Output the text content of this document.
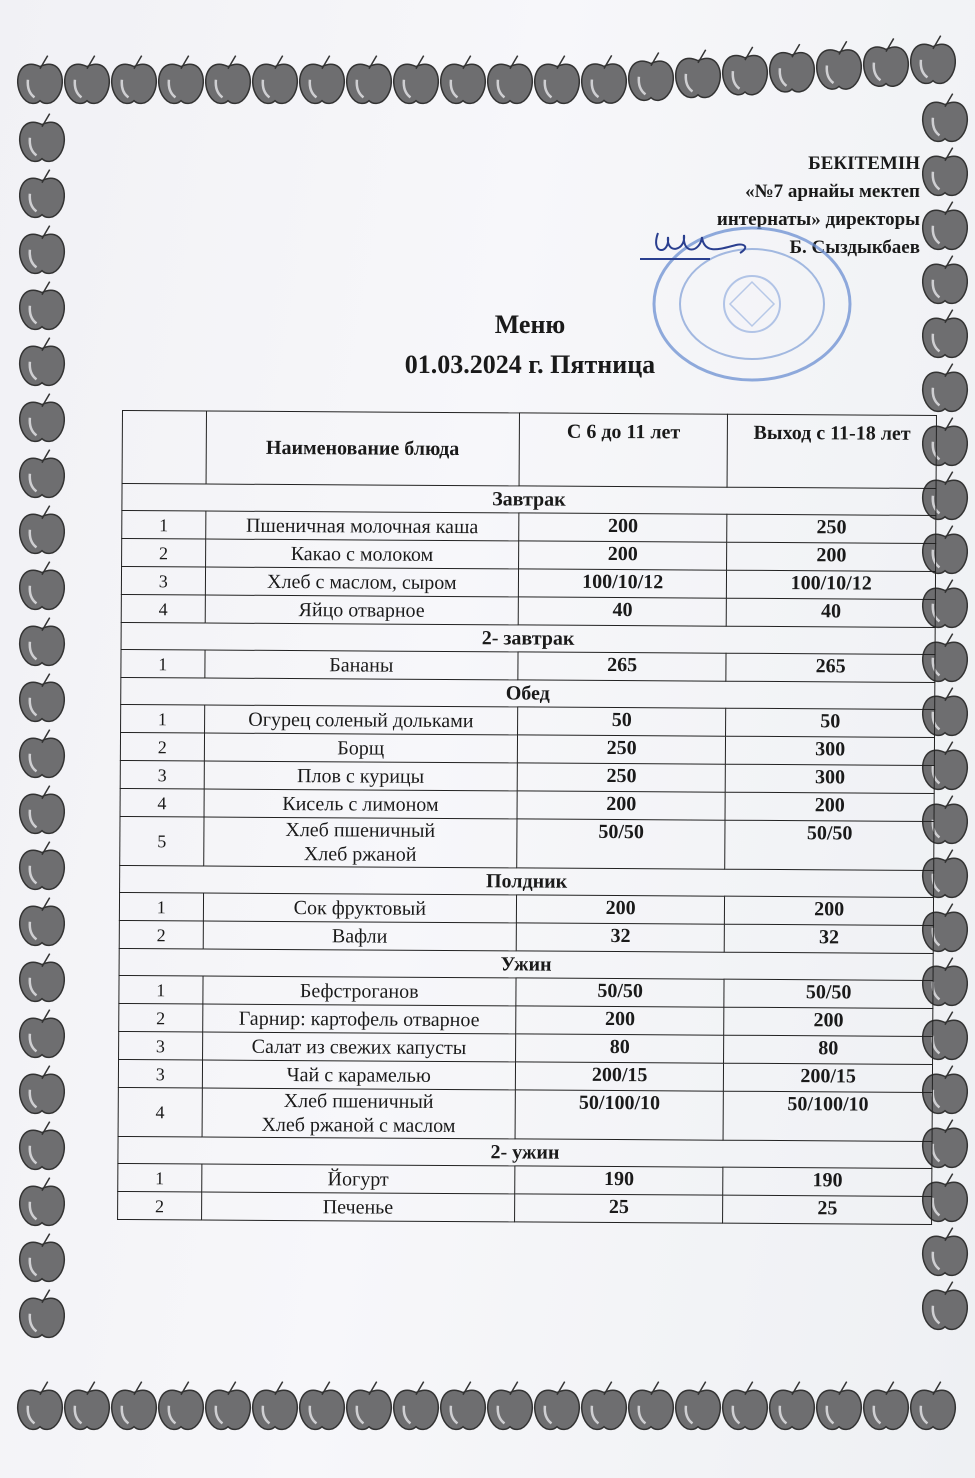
БЕКІТЕМІН
«№7 арнайы мектеп
интернаты» директоры
Б. Сыздыкбаев
Меню
01.03.2024 г. Пятница
	Наименование блюда	С 6 до 11 лет	Выход с 11-18 лет
Завтрак			
1	Пшеничная молочная каша	200	250
2	Какао с молоком	200	200
3	Хлеб с маслом, сыром	100/10/12	100/10/12
4	Яйцо отварное	40	40
2- завтрак			
1	Бананы	265	265
Обед			
1	Огурец соленый дольками	50	50
2	Борщ	250	300
3	Плов с курицы	250	300
4	Кисель с лимоном	200	200
5	Хлеб пшеничный
Хлеб ржаной	50/50	50/50
Полдник			
1	Сок фруктовый	200	200
2	Вафли	32	32
Ужин			
1	Бефстроганов	50/50	50/50
2	Гарнир: картофель отварное	200	200
3	Салат из свежих капусты	80	80
3	Чай с карамелью	200/15	200/15
4	Хлеб пшеничный
Хлеб ржаной с маслом	50/100/10	50/100/10
2- ужин			
1	Йогурт	190	190
2	Печенье	25	25
